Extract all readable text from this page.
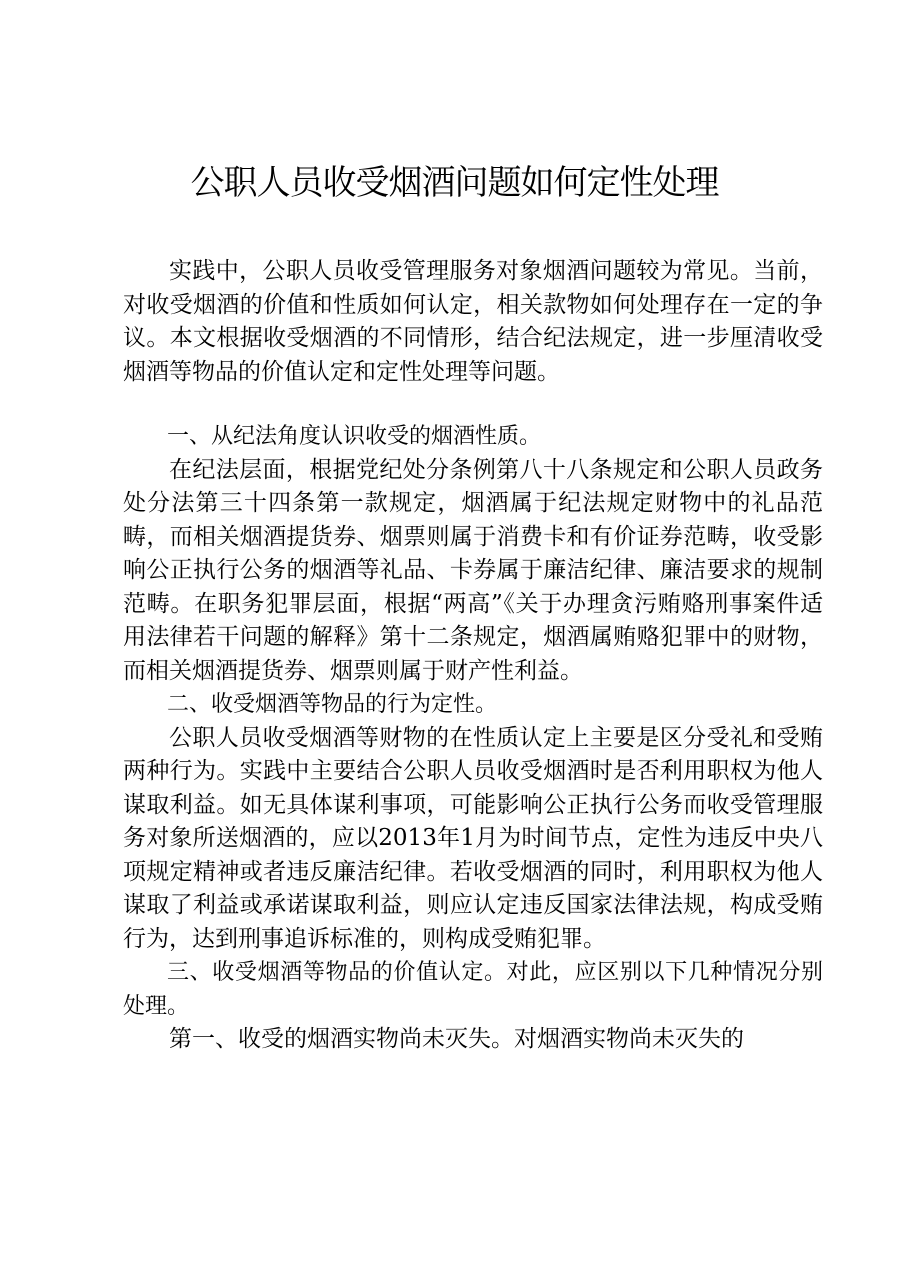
公职人员收受烟酒问题如何定性处理

实践中，公职人员收受管理服务对象烟酒问题较为常见。当前，对收受烟酒的价值和性质如何认定，相关款物如何处理存在一定的争议。本文根据收受烟酒的不同情形，结合纪法规定，进一步厘清收受烟酒等物品的价值认定和定性处理等问题。

一、从纪法角度认识收受的烟酒性质。

在纪法层面，根据党纪处分条例第八十八条规定和公职人员政务处分法第三十四条第一款规定，烟酒属于纪法规定财物中的礼品范畴，而相关烟酒提货券、烟票则属于消费卡和有价证券范畴，收受影响公正执行公务的烟酒等礼品、卡券属于廉洁纪律、廉洁要求的规制范畴。在职务犯罪层面，根据“两高”《关于办理贪污贿赂刑事案件适用法律若干问题的解释》第十二条规定，烟酒属贿赂犯罪中的财物，而相关烟酒提货券、烟票则属于财产性利益。

二、收受烟酒等物品的行为定性。

公职人员收受烟酒等财物的在性质认定上主要是区分受礼和受贿两种行为。实践中主要结合公职人员收受烟酒时是否利用职权为他人谋取利益。如无具体谋利事项，可能影响公正执行公务而收受管理服务对象所送烟酒的，应以2013年1月为时间节点，定性为违反中央八项规定精神或者违反廉洁纪律。若收受烟酒的同时，利用职权为他人谋取了利益或承诺谋取利益，则应认定违反国家法律法规，构成受贿行为，达到刑事追诉标准的，则构成受贿犯罪。

三、收受烟酒等物品的价值认定。对此，应区别以下几种情况分别处理。

第一、收受的烟酒实物尚未灭失。对烟酒实物尚未灭失的
